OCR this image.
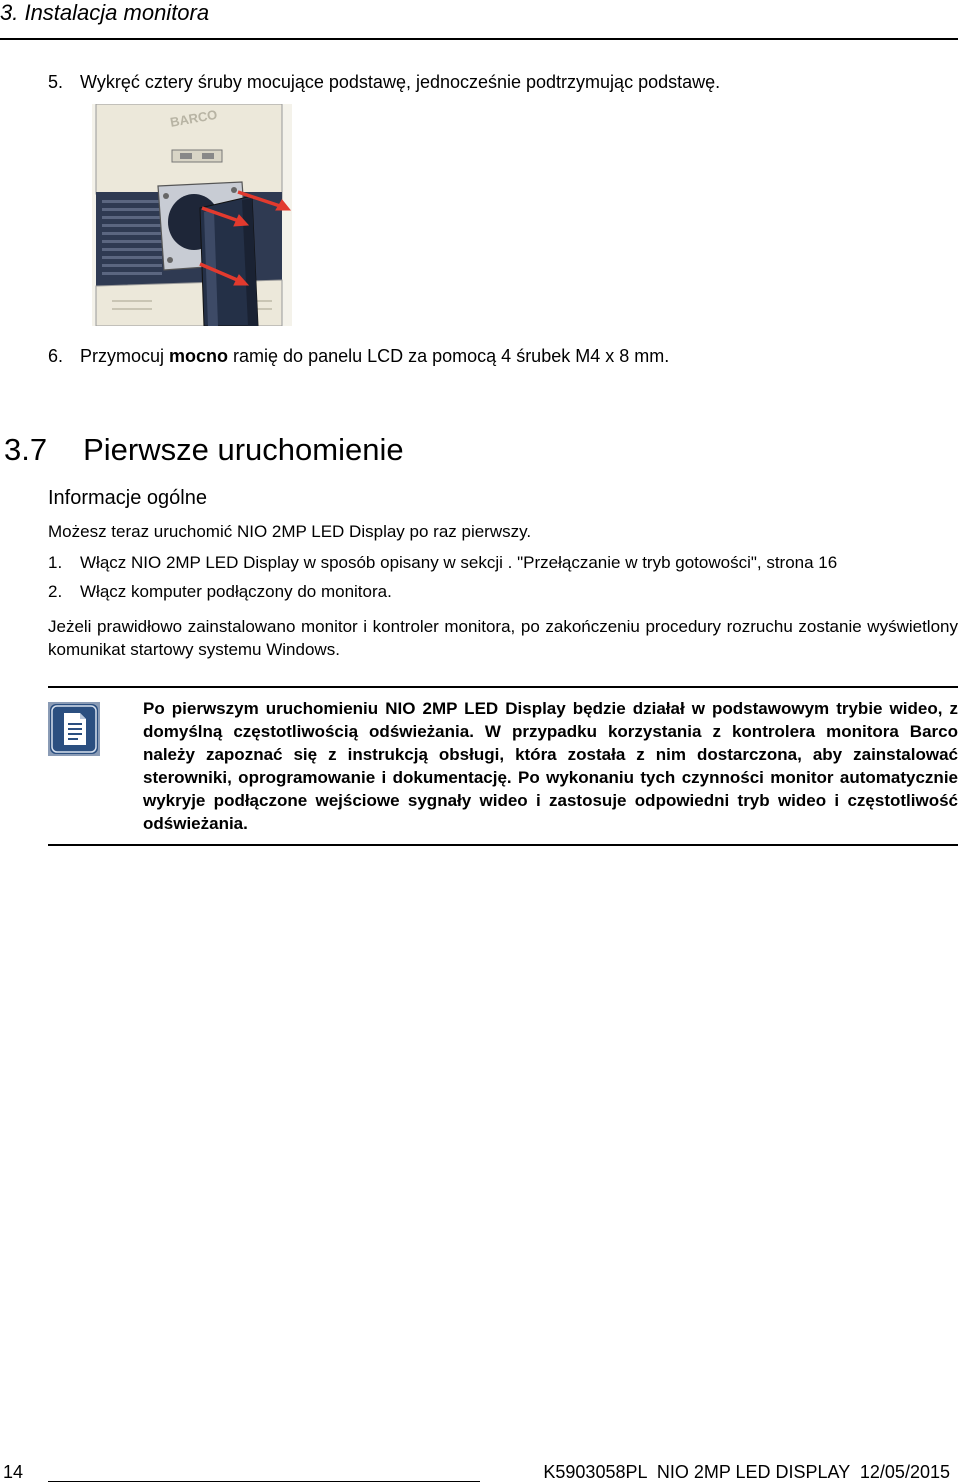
3. Instalacja monitora
5. Wykręć cztery śruby mocujące podstawę, jednocześnie podtrzymując podstawę.
BARCO
6. Przymocuj mocno ramię do panelu LCD za pomocą 4 śrubek M4 x 8 mm.
3.7 Pierwsze uruchomienie
Informacje ogólne
Możesz teraz uruchomić NIO 2MP LED Display po raz pierwszy.
1. Włącz NIO 2MP LED Display w sposób opisany w sekcji . "Przełączanie w tryb gotowości", strona 16
2. Włącz komputer podłączony do monitora.
Jeżeli prawidłowo zainstalowano monitor i kontroler monitora, po zakończeniu procedury rozruchu zostanie wyświetlony komunikat startowy systemu Windows.
Po pierwszym uruchomieniu NIO 2MP LED Display będzie działał w podstawowym trybie wideo, z domyślną częstotliwością odświeżania. W przypadku korzystania z kontrolera monitora Barco należy zapoznać się z instrukcją obsługi, która została z nim dostarczona, aby zainstalować sterowniki, oprogramowanie i dokumentację. Po wykonaniu tych czynności monitor automatycznie wykryje podłączone wejściowe sygnały wideo i zastosuje odpowiedni tryb wideo i częstotliwość odświeżania.
14	K5903058PL  NIO 2MP LED DISPLAY  12/05/2015
